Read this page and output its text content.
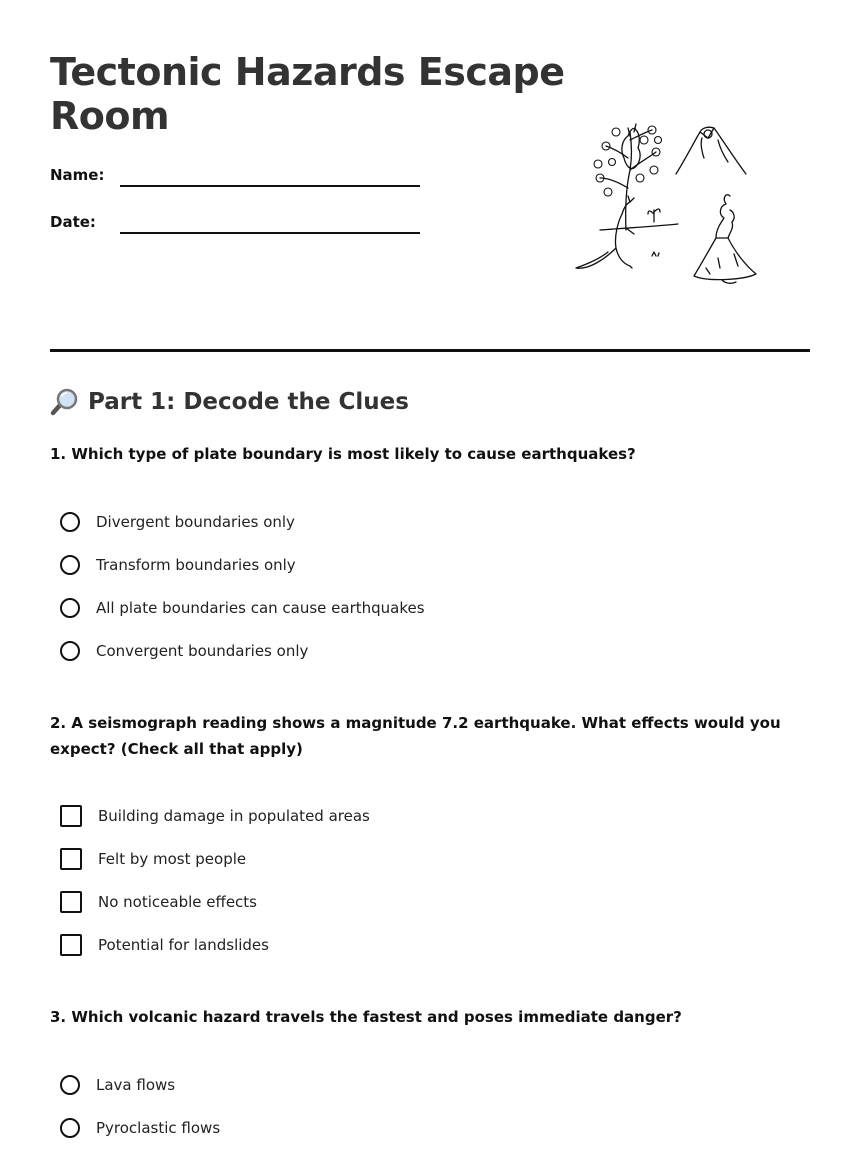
Tectonic Hazards Escape Room
Name:
Date:
Part 1: Decode the Clues

1. Which type of plate boundary is most likely to cause earthquakes?

Divergent boundaries only
Transform boundaries only
All plate boundaries can cause earthquakes
Convergent boundaries only

2. A seismograph reading shows a magnitude 7.2 earthquake. What effects would you expect? (Check all that apply)

Building damage in populated areas
Felt by most people
No noticeable effects
Potential for landslides

3. Which volcanic hazard travels the fastest and poses immediate danger?

Lava flows
Pyroclastic flows
